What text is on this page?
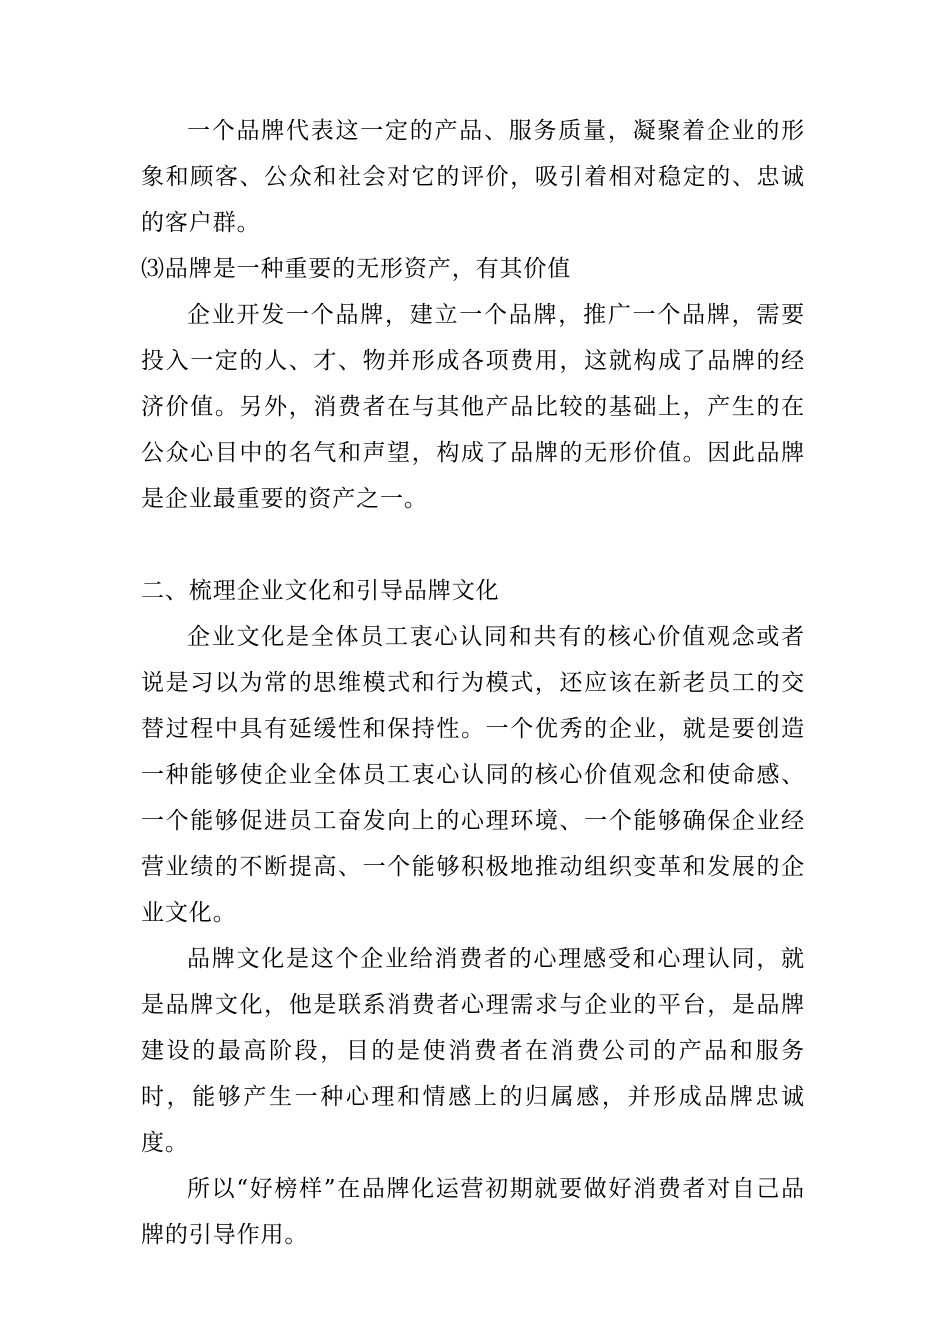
一个品牌代表这一定的产品、服务质量，凝聚着企业的形象和顾客、公众和社会对它的评价，吸引着相对稳定的、忠诚的客户群。

⑶品牌是一种重要的无形资产，有其价值

企业开发一个品牌，建立一个品牌，推广一个品牌，需要投入一定的人、才、物并形成各项费用，这就构成了品牌的经济价值。另外，消费者在与其他产品比较的基础上，产生的在公众心目中的名气和声望，构成了品牌的无形价值。因此品牌是企业最重要的资产之一。

二、梳理企业文化和引导品牌文化

企业文化是全体员工衷心认同和共有的核心价值观念或者说是习以为常的思维模式和行为模式，还应该在新老员工的交替过程中具有延缓性和保持性。一个优秀的企业，就是要创造一种能够使企业全体员工衷心认同的核心价值观念和使命感、一个能够促进员工奋发向上的心理环境、一个能够确保企业经营业绩的不断提高、一个能够积极地推动组织变革和发展的企业文化。

品牌文化是这个企业给消费者的心理感受和心理认同，就是品牌文化，他是联系消费者心理需求与企业的平台，是品牌建设的最高阶段，目的是使消费者在消费公司的产品和服务时，能够产生一种心理和情感上的归属感，并形成品牌忠诚度。

所以“好榜样”在品牌化运营初期就要做好消费者对自己品牌的引导作用。
